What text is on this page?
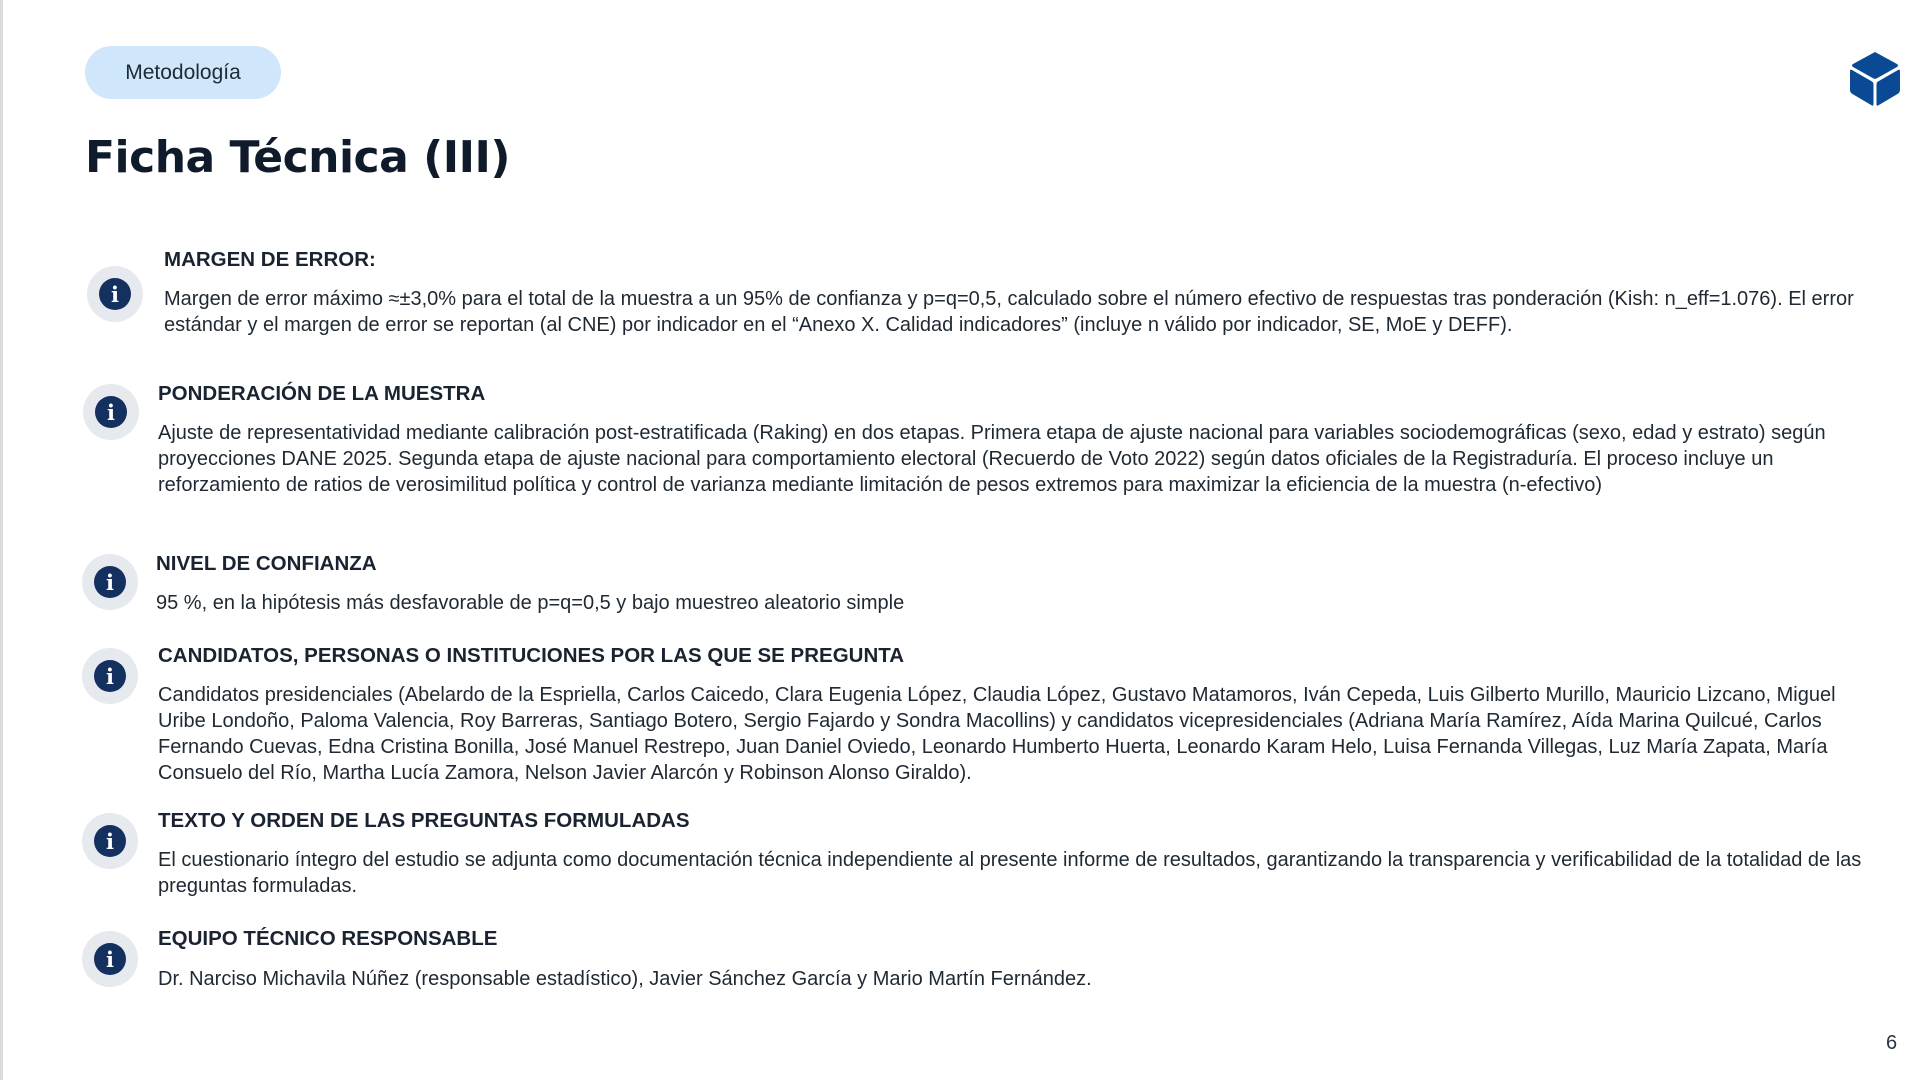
Metodología
Ficha Técnica (III)
i
MARGEN DE ERROR:
Margen de error máximo ≈±3,0% para el total de la muestra a un 95% de confianza y p=q=0,5, calculado sobre el número efectivo de respuestas tras ponderación (Kish: n_eff=1.076). El error estándar y el margen de error se reportan (al CNE) por indicador en el “Anexo X. Calidad indicadores” (incluye n válido por indicador, SE, MoE y DEFF).
i
PONDERACIÓN DE LA MUESTRA
Ajuste de representatividad mediante calibración post-estratificada (Raking) en dos etapas. Primera etapa de ajuste nacional para variables sociodemográficas (sexo, edad y estrato) según proyecciones DANE 2025. Segunda etapa de ajuste nacional para comportamiento electoral (Recuerdo de Voto 2022) según datos oficiales de la Registraduría. El proceso incluye un reforzamiento de ratios de verosimilitud política y control de varianza mediante limitación de pesos extremos para maximizar la eficiencia de la muestra (n-efectivo)
i
NIVEL DE CONFIANZA
95 %, en la hipótesis más desfavorable de p=q=0,5 y bajo muestreo aleatorio simple
i
CANDIDATOS, PERSONAS O INSTITUCIONES POR LAS QUE SE PREGUNTA
Candidatos presidenciales (Abelardo de la Espriella, Carlos Caicedo, Clara Eugenia López, Claudia López, Gustavo Matamoros, Iván Cepeda, Luis Gilberto Murillo, Mauricio Lizcano, Miguel Uribe Londoño, Paloma Valencia, Roy Barreras, Santiago Botero, Sergio Fajardo y Sondra Macollins) y candidatos vicepresidenciales (Adriana María Ramírez, Aída Marina Quilcué, Carlos Fernando Cuevas, Edna Cristina Bonilla, José Manuel Restrepo, Juan Daniel Oviedo, Leonardo Humberto Huerta, Leonardo Karam Helo, Luisa Fernanda Villegas, Luz María Zapata, María Consuelo del Río, Martha Lucía Zamora, Nelson Javier Alarcón y Robinson Alonso Giraldo).
i
TEXTO Y ORDEN DE LAS PREGUNTAS FORMULADAS
El cuestionario íntegro del estudio se adjunta como documentación técnica independiente al presente informe de resultados, garantizando la transparencia y verificabilidad de la totalidad de las preguntas formuladas.
i
EQUIPO TÉCNICO RESPONSABLE
Dr. Narciso Michavila Núñez (responsable estadístico), Javier Sánchez García y Mario Martín Fernández.
6
